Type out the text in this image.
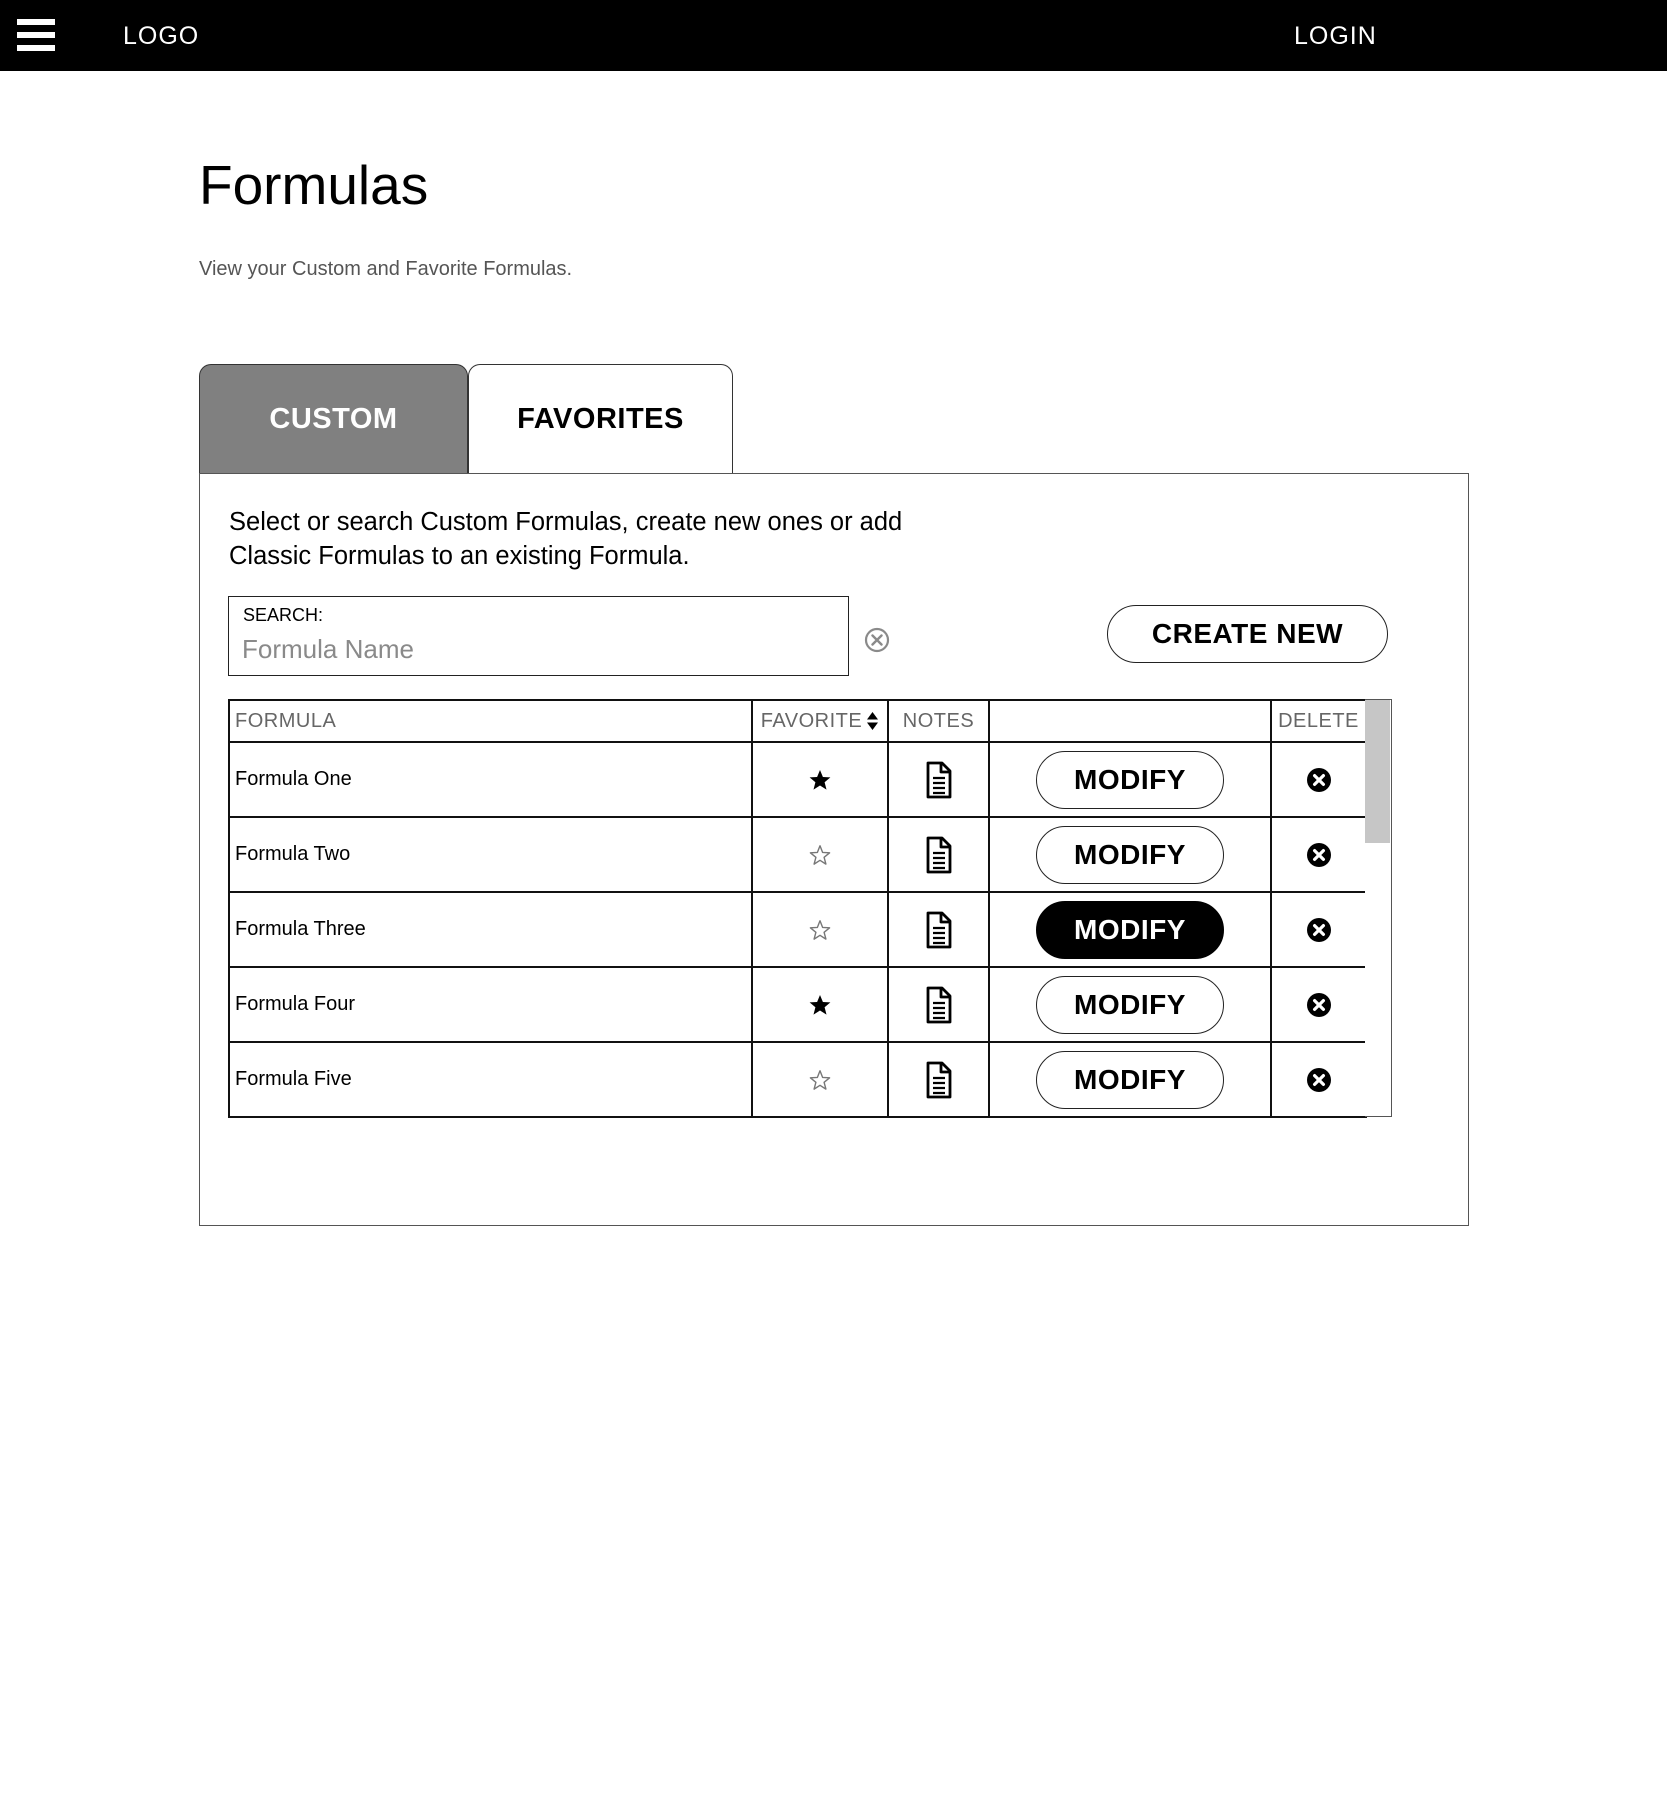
LOGO	LOGIN
Formulas
View your Custom and Favorite Formulas.
CUSTOM	FAVORITES
Select or search Custom Formulas, create new ones or add
Classic Formulas to an existing Formula.
SEARCH:
Formula Name
CREATE NEW
FORMULA	FAVORITE	NOTES		DELETE
Formula One			MODIFY	
Formula Two			MODIFY	
Formula Three			MODIFY	
Formula Four			MODIFY	
Formula Five			MODIFY	
